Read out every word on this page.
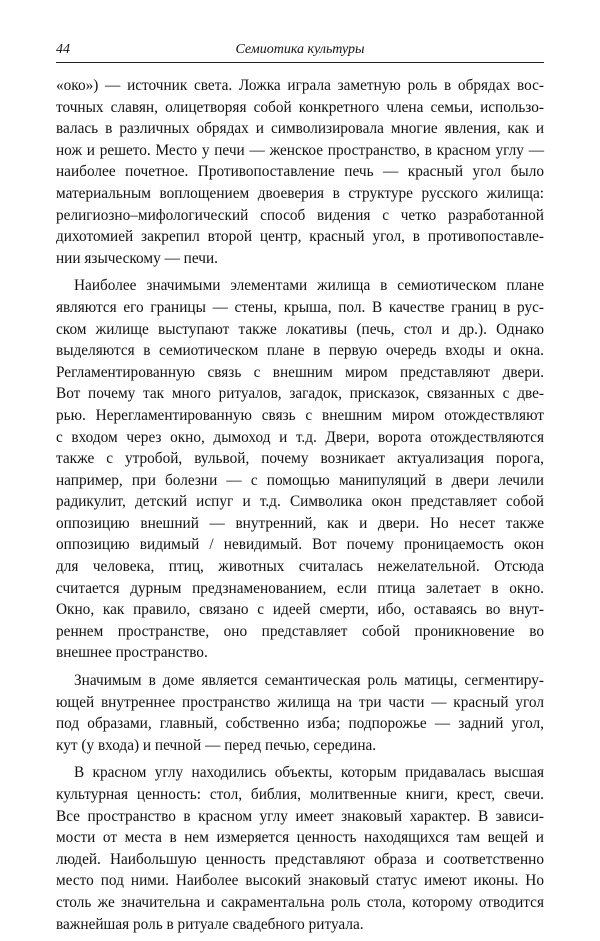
44	Семиотика культуры
«око») — источник света. Ложка играла заметную роль в обрядах вос-
точных славян, олицетворяя собой конкретного члена семьи, использо-
валась в различных обрядах и символизировала многие явления, как и
нож и решето. Место у печи — женское пространство, в красном углу —
наиболее почетное. Противопоставление печь — красный угол было
материальным воплощением двоеверия в структуре русского жилища:
религиозно–мифологический способ видения с четко разработанной
дихотомией закрепил второй центр, красный угол, в противопоставле-
нии языческому — печи.
Наиболее значимыми элементами жилища в семиотическом плане
являются его границы — стены, крыша, пол. В качестве границ в рус-
ском жилище выступают также локативы (печь, стол и др.). Однако
выделяются в семиотическом плане в первую очередь входы и окна.
Регламентированную связь с внешним миром представляют двери.
Вот почему так много ритуалов, загадок, присказок, связанных с две-
рью. Нерегламентированную связь с внешним миром отождествляют
с входом через окно, дымоход и т.д. Двери, ворота отождествляются
также с утробой, вульвой, почему возникает актуализация порога,
например, при болезни — с помощью манипуляций в двери лечили
радикулит, детский испуг и т.д. Символика окон представляет собой
оппозицию внешний — внутренний, как и двери. Но несет также
оппозицию видимый / невидимый. Вот почему проницаемость окон
для человека, птиц, животных считалась нежелательной. Отсюда
считается дурным предзнаменованием, если птица залетает в окно.
Окно, как правило, связано с идеей смерти, ибо, оставаясь во внут-
реннем пространстве, оно представляет собой проникновение во
внешнее пространство.
Значимым в доме является семантическая роль матицы, сегментиру-
ющей внутреннее пространство жилища на три части — красный угол
под образами, главный, собственно изба; подпорожье — задний угол,
кут (у входа) и печной — перед печью, середина.
В красном углу находились объекты, которым придавалась высшая
культурная ценность: стол, библия, молитвенные книги, крест, свечи.
Все пространство в красном углу имеет знаковый характер. В зависи-
мости от места в нем измеряется ценность находящихся там вещей и
людей. Наибольшую ценность представляют образа и соответственно
место под ними. Наиболее высокий знаковый статус имеют иконы. Но
столь же значительна и сакраментальна роль стола, которому отводится
важнейшая роль в ритуале свадебного ритуала.
